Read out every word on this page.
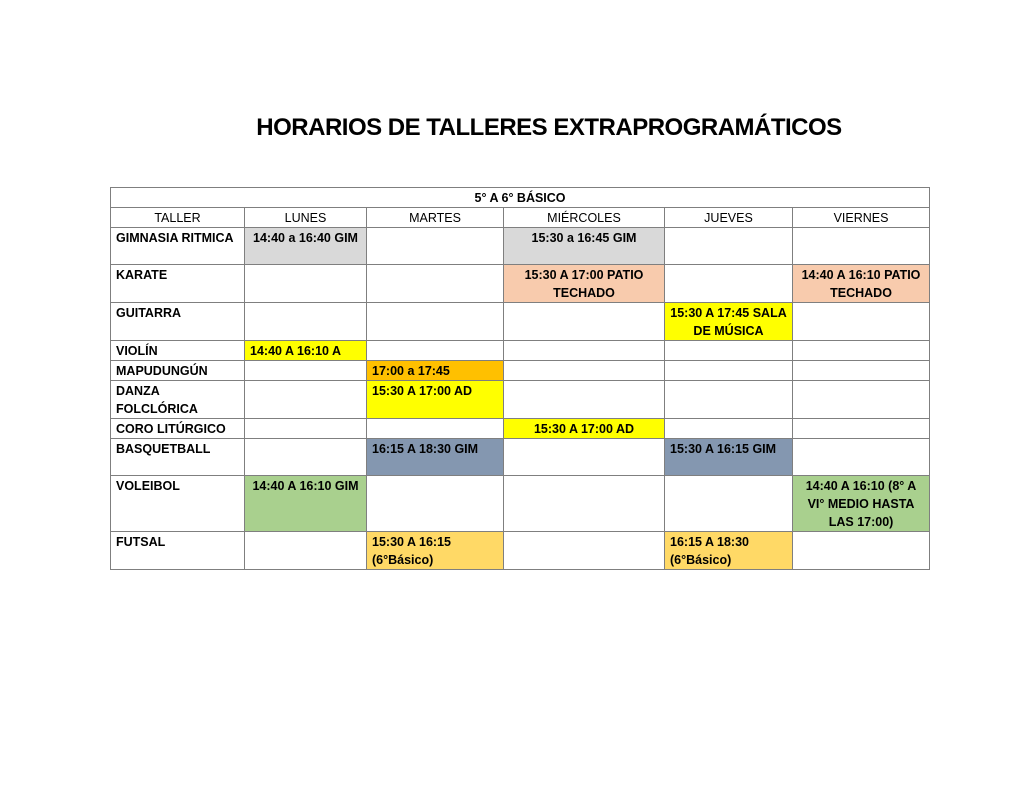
HORARIOS DE TALLERES EXTRAPROGRAMÁTICOS
5° A 6° BÁSICO					
TALLER	LUNES	MARTES	MIÉRCOLES	JUEVES	VIERNES
GIMNASIA RITMICA	14:40 a 16:40 GIM		15:30 a 16:45 GIM		
KARATE			15:30 A 17:00 PATIO TECHADO		14:40 A 16:10 PATIO TECHADO
GUITARRA				15:30 A 17:45 SALA DE MÚSICA	
VIOLÍN	14:40 A 16:10 A				
MAPUDUNGÚN		17:00 a 17:45			
DANZA FOLCLÓRICA		15:30 A 17:00 AD			
CORO LITÚRGICO			15:30 A 17:00 AD		
BASQUETBALL		16:15 A 18:30 GIM		15:30 A 16:15 GIM	
VOLEIBOL	14:40 A 16:10 GIM				14:40 A 16:10 (8° A VI° MEDIO HASTA LAS 17:00)
FUTSAL		15:30 A 16:15 (6°Básico)		16:15 A 18:30 (6°Básico)	
